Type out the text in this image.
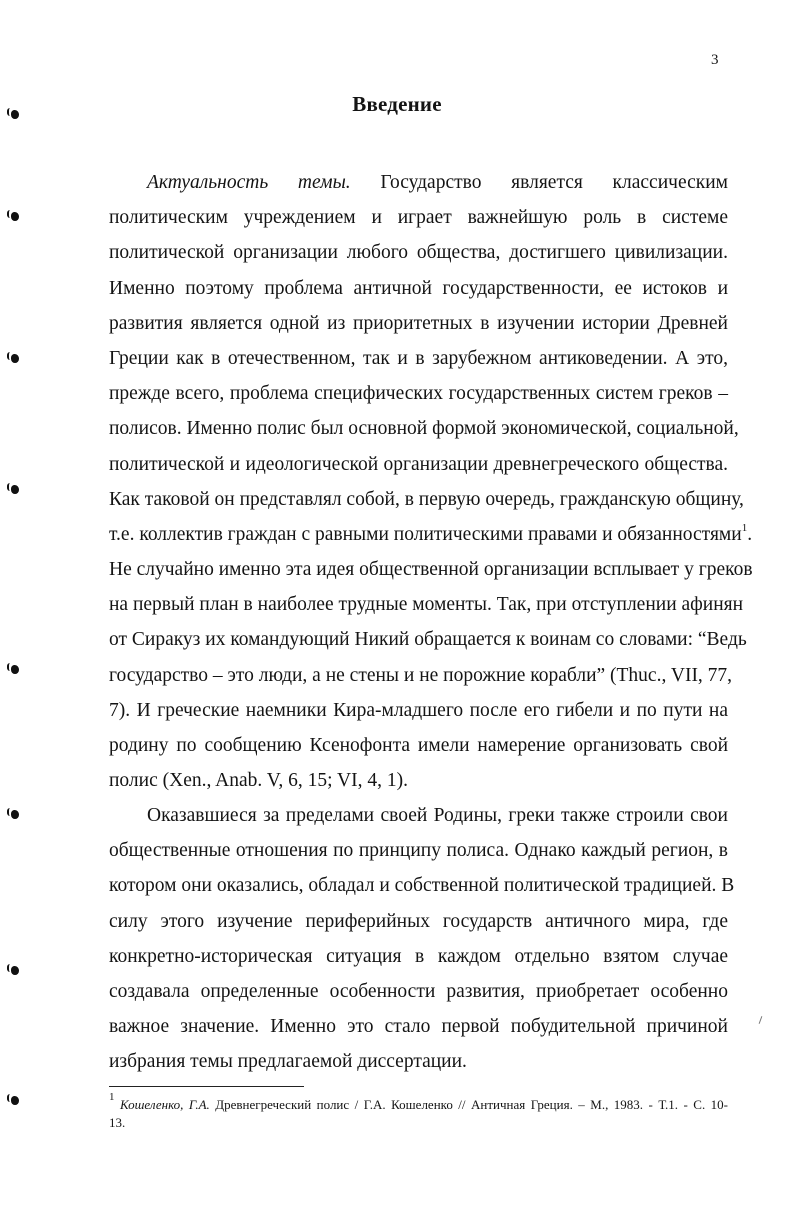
3
Введение
Актуальность темы. Государство является классическим
политическим учреждением и играет важнейшую роль в системе
политической организации любого общества, достигшего цивилизации.
Именно поэтому проблема античной государственности, ее истоков и
развития является одной из приоритетных в изучении истории Древней
Греции как в отечественном, так и в зарубежном антиковедении. А это,
прежде всего, проблема специфических государственных систем греков –
полисов. Именно полис был основной формой экономической, социальной,
политической и идеологической организации древнегреческого общества.
Как таковой он представлял собой, в первую очередь, гражданскую общину,
т.е. коллектив граждан с равными политическими правами и обязанностями$^1$.
Не случайно именно эта идея общественной организации всплывает у греков
на первый план в наиболее трудные моменты. Так, при отступлении афинян
от Сиракуз их командующий Никий обращается к воинам со словами: “Ведь
государство – это люди, а не стены и не порожние корабли” (Thuc., VII, 77,
7). И греческие наемники Кира-младшего после его гибели и по пути на
родину по сообщению Ксенофонта имели намерение организовать свой
полис (Xen., Anab. V, 6, 15; VI, 4, 1).
Оказавшиеся за пределами своей Родины, греки также строили свои
общественные отношения по принципу полиса. Однако каждый регион, в
котором они оказались, обладал и собственной политической традицией. В
силу этого изучение периферийных государств античного мира, где
конкретно-историческая ситуация в каждом отдельно взятом случае
создавала определенные особенности развития, приобретает особенно
важное значение. Именно это стало первой побудительной причиной
избрания темы предлагаемой диссертации.
$^1$ Кошеленко, Г.А. Древнегреческий полис / Г.А. Кошеленко // Античная Греция. – М., 1983. - Т.1. - С. 10-
13.
